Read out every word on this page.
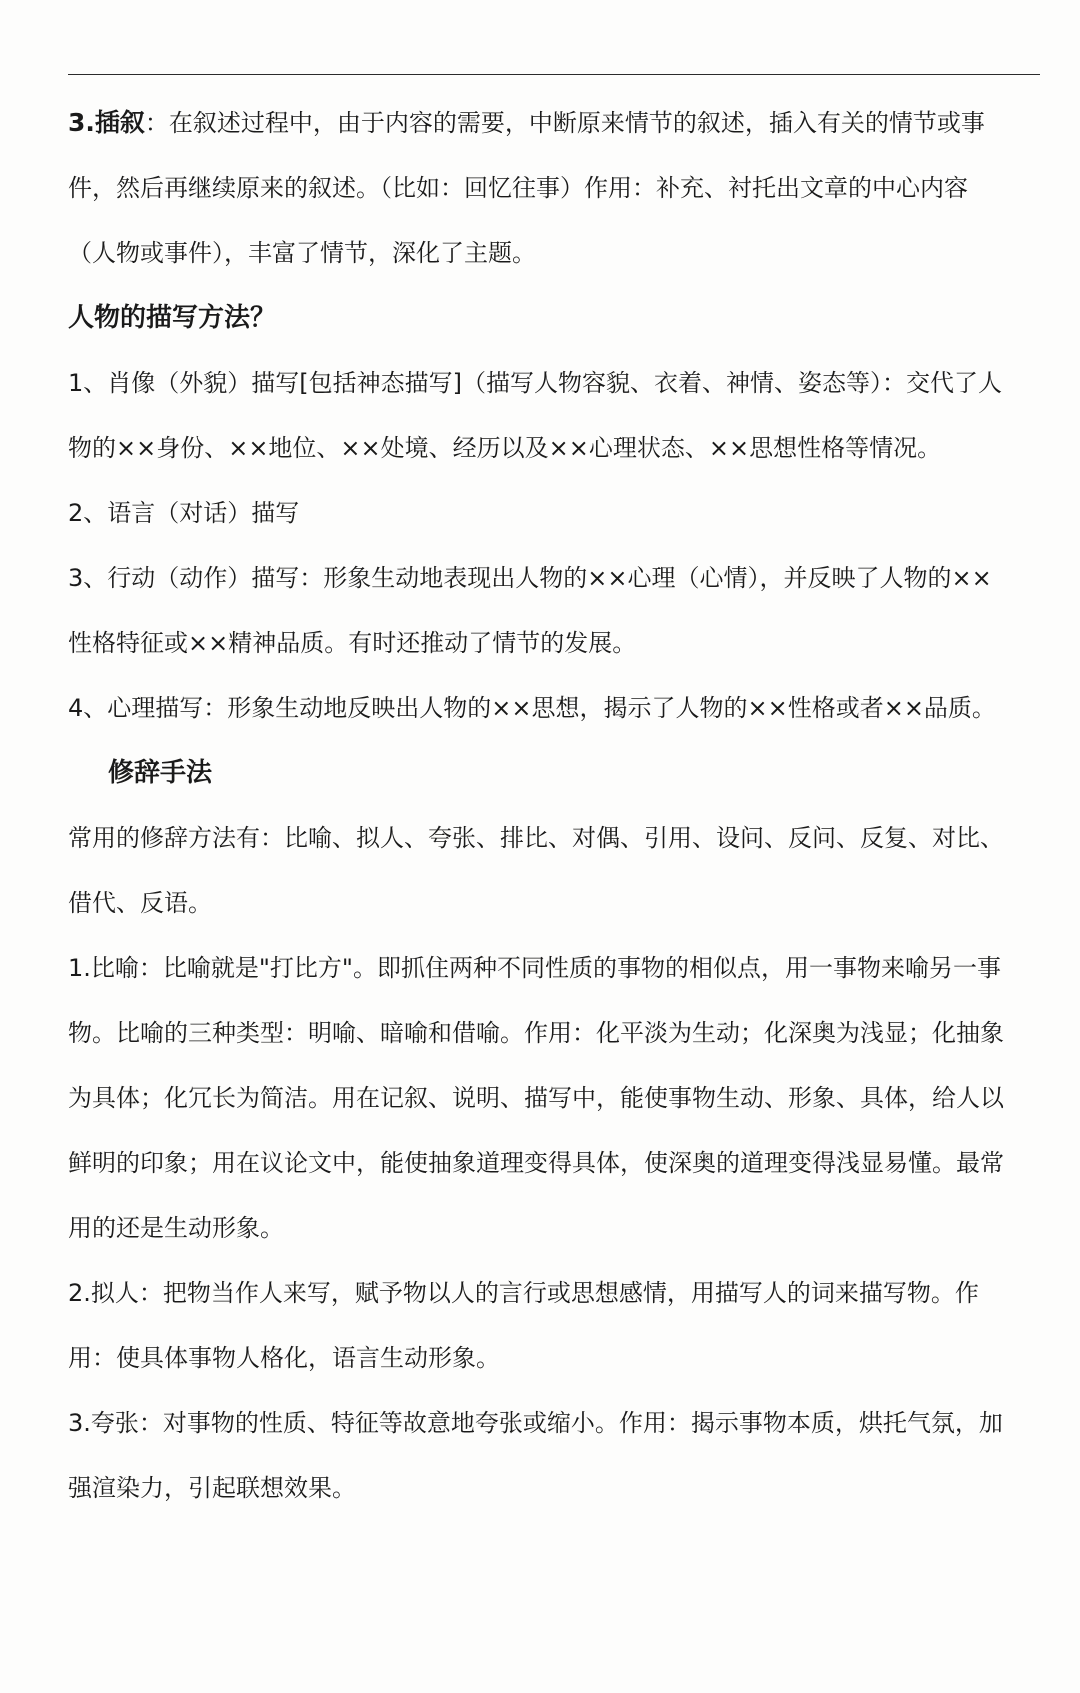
3.插叙：在叙述过程中，由于内容的需要，中断原来情节的叙述，插入有关的情节或事件，然后再继续原来的叙述。（比如：回忆往事）作用：补充、衬托出文章的中心内容（人物或事件），丰富了情节，深化了主题。

人物的描写方法？

1、肖像（外貌）描写[包括神态描写]（描写人物容貌、衣着、神情、姿态等）：交代了人物的××身份、××地位、××处境、经历以及××心理状态、××思想性格等情况。

2、语言（对话）描写

3、行动（动作）描写：形象生动地表现出人物的××心理（心情），并反映了人物的××性格特征或××精神品质。有时还推动了情节的发展。

4、心理描写：形象生动地反映出人物的××思想，揭示了人物的××性格或者××品质。

修辞手法

常用的修辞方法有：比喻、拟人、夸张、排比、对偶、引用、设问、反问、反复、对比、借代、反语。

1.比喻：比喻就是"打比方"。即抓住两种不同性质的事物的相似点，用一事物来喻另一事物。比喻的三种类型：明喻、暗喻和借喻。作用：化平淡为生动；化深奥为浅显；化抽象为具体；化冗长为简洁。用在记叙、说明、描写中，能使事物生动、形象、具体，给人以鲜明的印象；用在议论文中，能使抽象道理变得具体，使深奥的道理变得浅显易懂。最常用的还是生动形象。

2.拟人：把物当作人来写，赋予物以人的言行或思想感情，用描写人的词来描写物。作用：使具体事物人格化，语言生动形象。

3.夸张：对事物的性质、特征等故意地夸张或缩小。作用：揭示事物本质，烘托气氛，加强渲染力，引起联想效果。
